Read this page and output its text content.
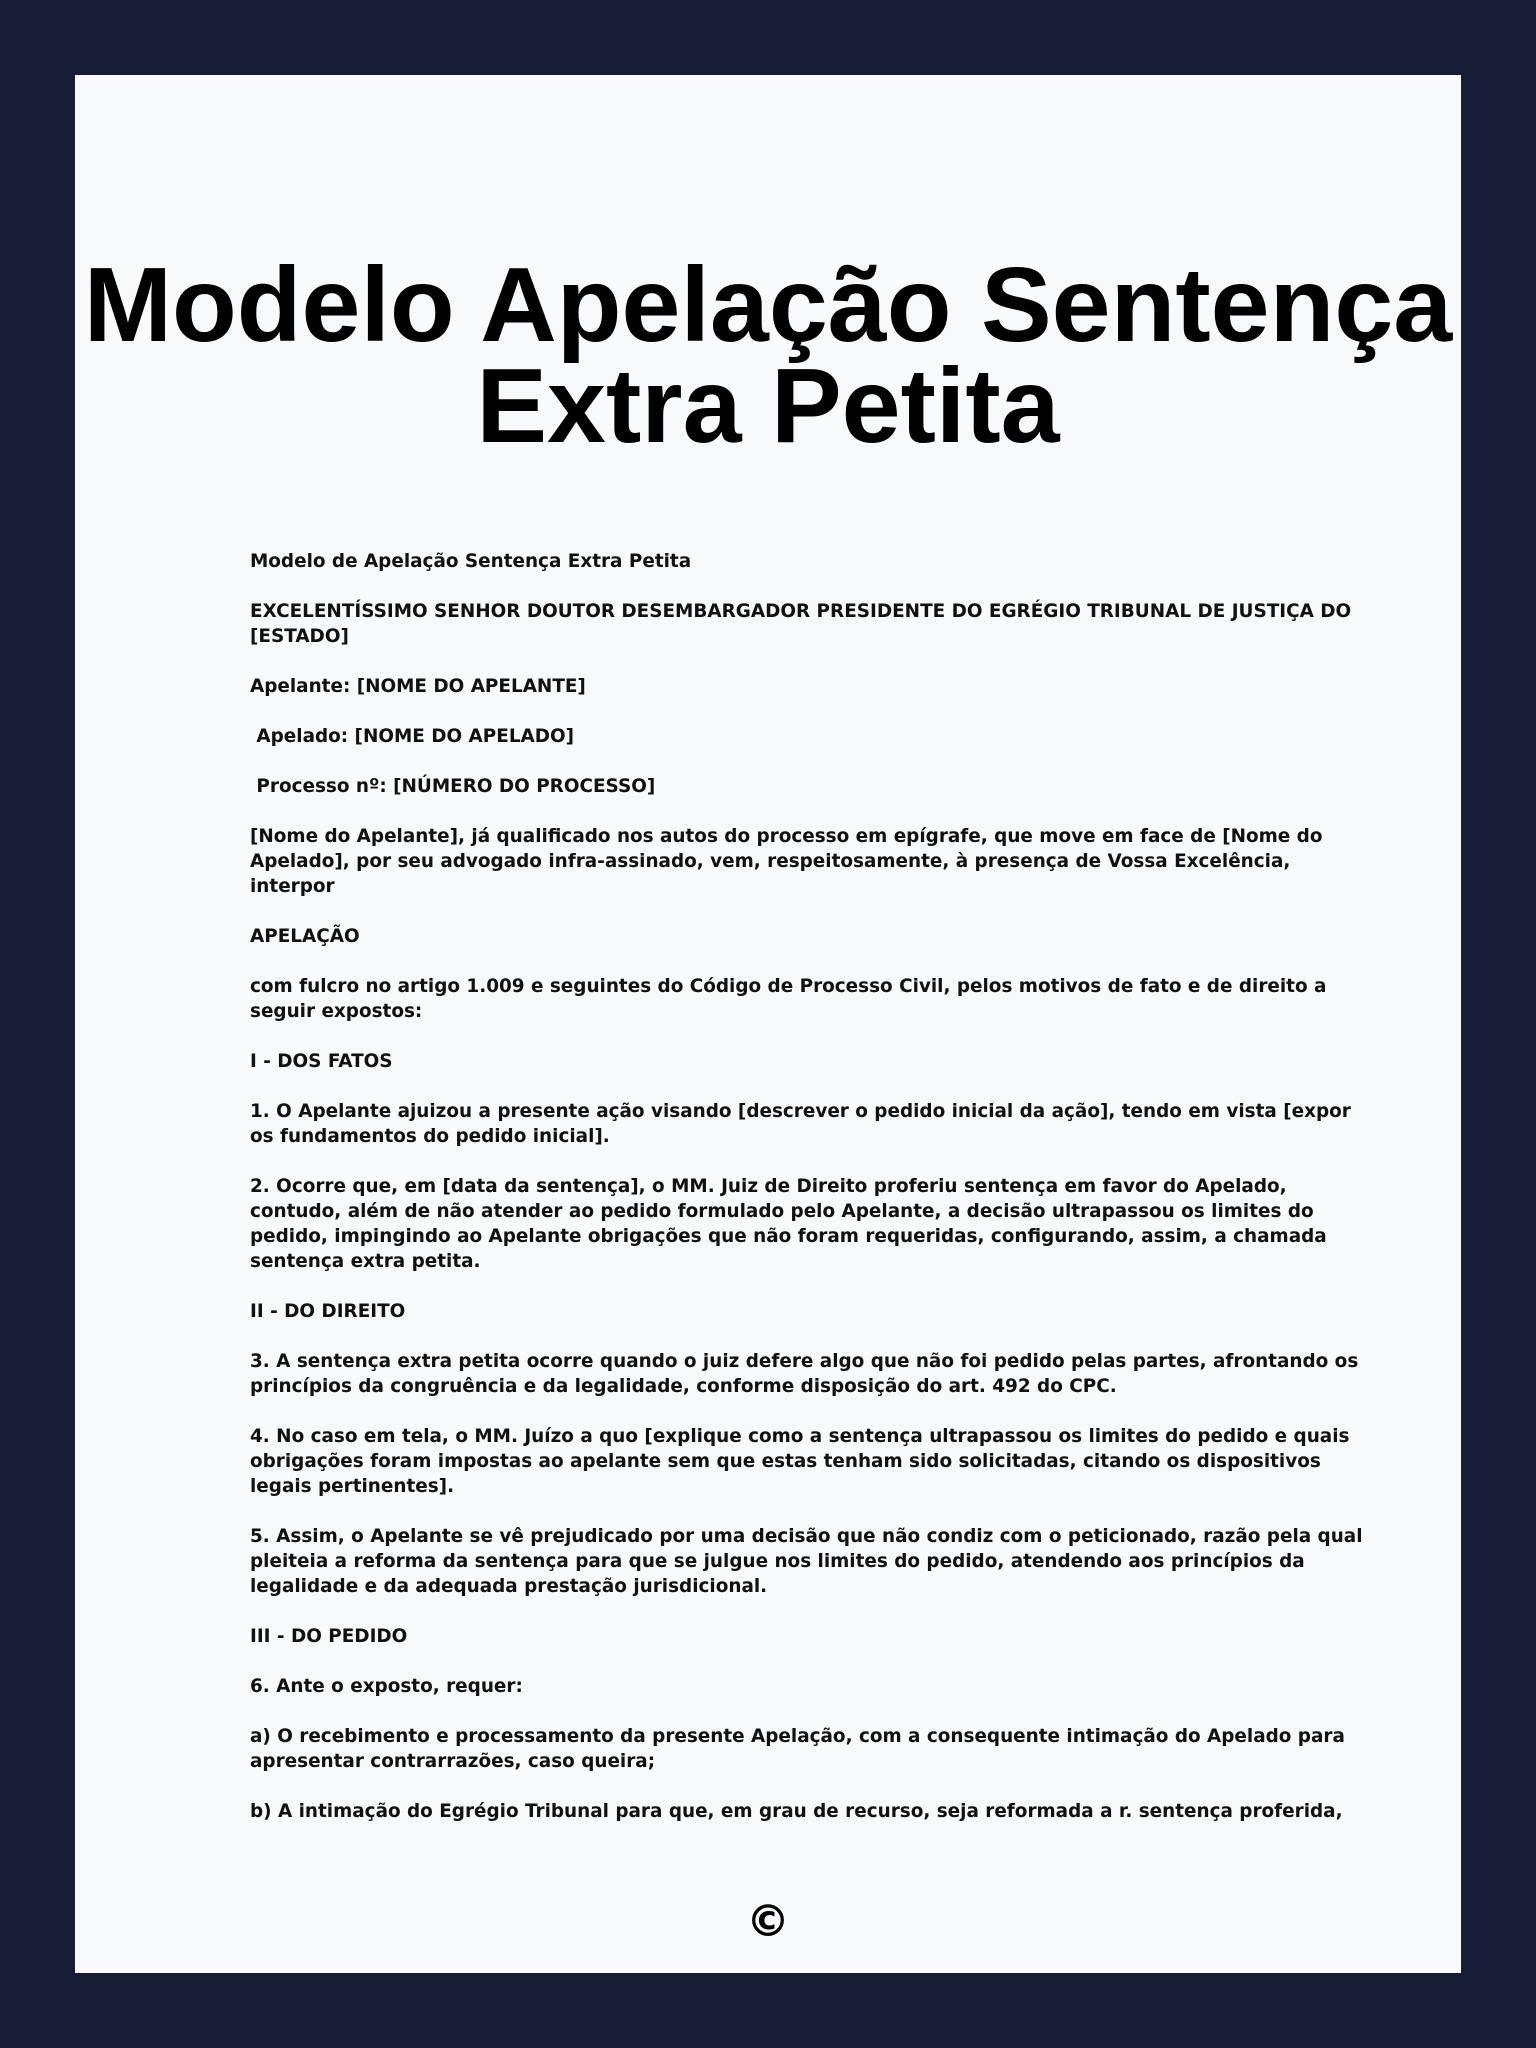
Modelo Apelação Sentença
Extra Petita

Modelo de Apelação Sentença Extra Petita

EXCELENTÍSSIMO SENHOR DOUTOR DESEMBARGADOR PRESIDENTE DO EGRÉGIO TRIBUNAL DE JUSTIÇA DO [ESTADO]

Apelante: [NOME DO APELANTE]

Apelado: [NOME DO APELADO]

Processo nº: [NÚMERO DO PROCESSO]

[Nome do Apelante], já qualificado nos autos do processo em epígrafe, que move em face de [Nome do Apelado], por seu advogado infra-assinado, vem, respeitosamente, à presença de Vossa Excelência, interpor

APELAÇÃO

com fulcro no artigo 1.009 e seguintes do Código de Processo Civil, pelos motivos de fato e de direito a seguir expostos:

I - DOS FATOS

1. O Apelante ajuizou a presente ação visando [descrever o pedido inicial da ação], tendo em vista [expor os fundamentos do pedido inicial].

2. Ocorre que, em [data da sentença], o MM. Juiz de Direito proferiu sentença em favor do Apelado, contudo, além de não atender ao pedido formulado pelo Apelante, a decisão ultrapassou os limites do pedido, impingindo ao Apelante obrigações que não foram requeridas, configurando, assim, a chamada sentença extra petita.

II - DO DIREITO

3. A sentença extra petita ocorre quando o juiz defere algo que não foi pedido pelas partes, afrontando os princípios da congruência e da legalidade, conforme disposição do art. 492 do CPC.

4. No caso em tela, o MM. Juízo a quo [explique como a sentença ultrapassou os limites do pedido e quais obrigações foram impostas ao apelante sem que estas tenham sido solicitadas, citando os dispositivos legais pertinentes].

5. Assim, o Apelante se vê prejudicado por uma decisão que não condiz com o peticionado, razão pela qual pleiteia a reforma da sentença para que se julgue nos limites do pedido, atendendo aos princípios da legalidade e da adequada prestação jurisdicional.

III - DO PEDIDO

6. Ante o exposto, requer:

a) O recebimento e processamento da presente Apelação, com a consequente intimação do Apelado para apresentar contrarrazões, caso queira;

b) A intimação do Egrégio Tribunal para que, em grau de recurso, seja reformada a r. sentença proferida,

©
